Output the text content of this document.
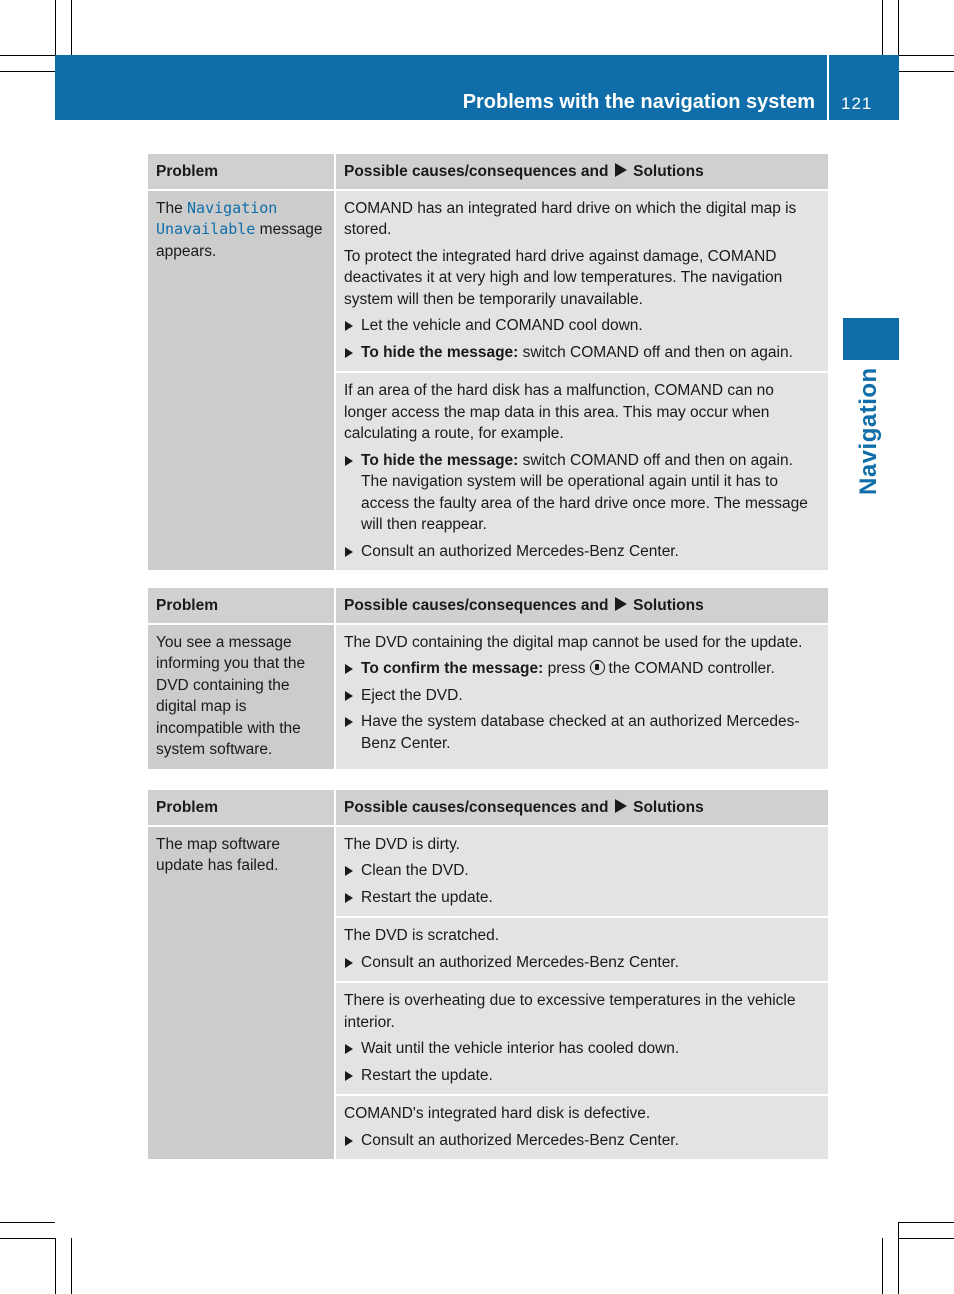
Problems with the navigation system 121
Navigation
Problem	Possible causes/consequences and Solutions
The Navigation Unavailable message appears.	COMAND has an integrated hard drive on which the digital map is stored.

To protect the integrated hard drive against damage, COMAND deactivates it at very high and low temperatures. The navigation system will then be temporarily unavailable.

Let the vehicle and COMAND cool down.
To hide the message: switch COMAND off and then on again.

	If an area of the hard disk has a malfunction, COMAND can no longer access the map data in this area. This may occur when calculating a route, for example.

To hide the message: switch COMAND off and then on again. The navigation system will be operational again until it has to access the faulty area of the hard drive once more. The message will then reappear.
Consult an authorized Mercedes-Benz Center.
Problem	Possible causes/consequences and Solutions
You see a message informing you that the DVD containing the digital map is incompatible with the system software.	The DVD containing the digital map cannot be used for the update.

To confirm the message: press the COMAND controller.
Eject the DVD.
Have the system database checked at an authorized Mercedes-Benz Center.
Problem	Possible causes/consequences and Solutions
The map software update has failed.	The DVD is dirty.

Clean the DVD.
Restart the update.

	The DVD is scratched.

Consult an authorized Mercedes-Benz Center.

	There is overheating due to excessive temperatures in the vehicle interior.

Wait until the vehicle interior has cooled down.
Restart the update.

	COMAND's integrated hard disk is defective.

Consult an authorized Mercedes-Benz Center.
